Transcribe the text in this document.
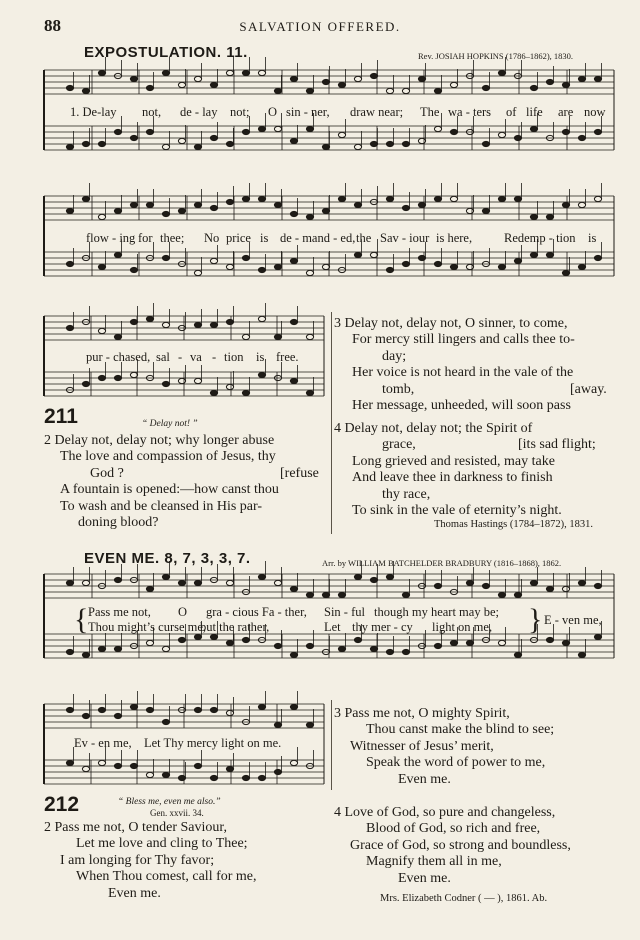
88	SALVATION OFFERED.
EXPOSTULATION. 11.	Rev. JOSIAH HOPKINS (1786–1862), 1830.
1. De-lay not, de - lay not; O sin - ner, draw near; The wa - ters of life are now
flow - ing for thee; No price is de - mand - ed, the Sav - iour is here,	Redemp - tion is
pur - chased, sal - va - tion is free.
211	“ Delay not! ”
2 Delay not, delay not; why longer abuse
The love and compassion of Jesus, thy
God ?	[refuse
A fountain is opened:—how canst thou
To wash and be cleansed in His par-
doning blood?
3 Delay not, delay not, O sinner, to come,
For mercy still lingers and calls thee to-
day;
Her voice is not heard in the vale of the
tomb,	[away.
Her message, unheeded, will soon pass
4 Delay not, delay not; the Spirit of
grace,	[its sad flight;
Long grieved and resisted, may take
And leave thee in darkness to finish
thy race,
To sink in the vale of eternity’s night.
Thomas Hastings (1784–1872), 1831.
EVEN ME. 8, 7, 3, 3, 7.	Arr. by WILLIAM BATCHELDER BRADBURY (1816–1868), 1862.
{ Pass me not, O gra - cious Fa - ther, Sin - ful though my heart may be;
Thou might’s curse me,
but the rather,	Let thy mer - cy light on me, } E - ven me,
Ev - en me, Let Thy mercy light on me.
212	“ Bless me, even me also.”
Gen. xxvii. 34.
2 Pass me not, O tender Saviour,
Let me love and cling to Thee;
I am longing for Thy favor;
When Thou comest, call for me,
Even me.
3 Pass me not, O mighty Spirit,
Thou canst make the blind to see;
Witnesser of Jesus’ merit,
Speak the word of power to me,
Even me.
4 Love of God, so pure and changeless,
Blood of God, so rich and free,
Grace of God, so strong and boundless,
Magnify them all in me,
Even me.
Mrs. Elizabeth Codner ( — ), 1861. Ab.
